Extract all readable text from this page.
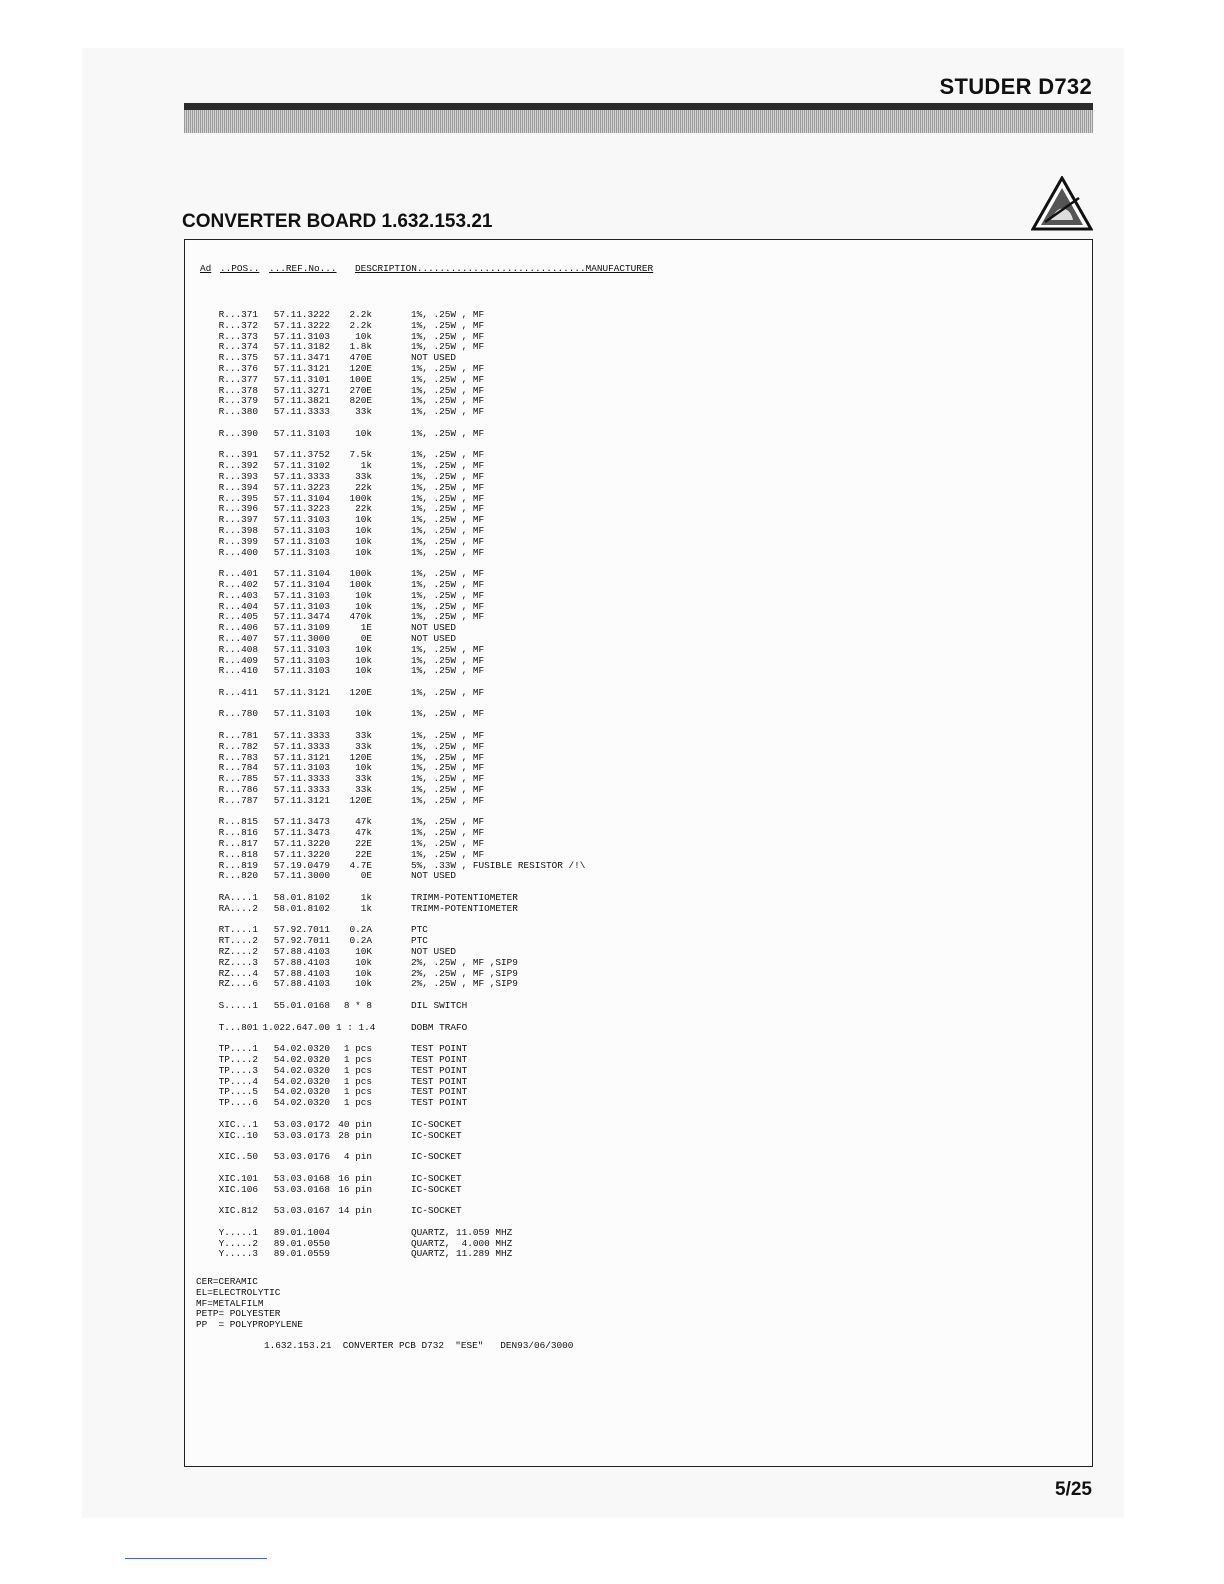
STUDER D732
CONVERTER BOARD 1.632.153.21
Ad ..POS.. ...REF.No... DESCRIPTION..............................MANUFACTURER
R...371
R...372
R...373
R...374
R...375
R...376
R...377
R...378
R...379
R...380
R...390
R...391
R...392
R...393
R...394
R...395
R...396
R...397
R...398
R...399
R...400
R...401
R...402
R...403
R...404
R...405
R...406
R...407
R...408
R...409
R...410
R...411
R...780
R...781
R...782
R...783
R...784
R...785
R...786
R...787
R...815
R...816
R...817
R...818
R...819
R...820
RA....1
RA....2
RT....1
RT....2
RZ....2
RZ....3
RZ....4
RZ....6
S.....1
T...801
TP....1
TP....2
TP....3
TP....4
TP....5
TP....6
XIC...1
XIC..10
XIC..50
XIC.101
XIC.106
XIC.812
Y.....1
Y.....2
Y.....3
57.11.3222
57.11.3222
57.11.3103
57.11.3182
57.11.3471
57.11.3121
57.11.3101
57.11.3271
57.11.3821
57.11.3333
57.11.3103
57.11.3752
57.11.3102
57.11.3333
57.11.3223
57.11.3104
57.11.3223
57.11.3103
57.11.3103
57.11.3103
57.11.3103
57.11.3104
57.11.3104
57.11.3103
57.11.3103
57.11.3474
57.11.3109
57.11.3000
57.11.3103
57.11.3103
57.11.3103
57.11.3121
57.11.3103
57.11.3333
57.11.3333
57.11.3121
57.11.3103
57.11.3333
57.11.3333
57.11.3121
57.11.3473
57.11.3473
57.11.3220
57.11.3220
57.19.0479
57.11.3000
58.01.8102
58.01.8102
57.92.7011
57.92.7011
57.88.4103
57.88.4103
57.88.4103
57.88.4103
55.01.0168
1.022.647.00
54.02.0320
54.02.0320
54.02.0320
54.02.0320
54.02.0320
54.02.0320
53.03.0172
53.03.0173
53.03.0176
53.03.0168
53.03.0168
53.03.0167
89.01.1004
89.01.0550
89.01.0559
2.2k
2.2k
10k
1.8k
470E
120E
100E
270E
820E
33k
10k
7.5k
1k
33k
22k
100k
22k
10k
10k
10k
10k
100k
100k
10k
10k
470k
1E
0E
10k
10k
10k
120E
10k
33k
33k
120E
10k
33k
33k
120E
47k
47k
22E
22E
4.7E
0E
1k
1k
0.2A
0.2A
10K
10k
10k
10k
8 * 8
1 : 1.4
1 pcs
1 pcs
1 pcs
1 pcs
1 pcs
1 pcs
40 pin
28 pin
4 pin
16 pin
16 pin
14 pin
1%, .25W , MF
1%, .25W , MF
1%, .25W , MF
1%, .25W , MF
NOT USED
1%, .25W , MF
1%, .25W , MF
1%, .25W , MF
1%, .25W , MF
1%, .25W , MF
1%, .25W , MF
1%, .25W , MF
1%, .25W , MF
1%, .25W , MF
1%, .25W , MF
1%, .25W , MF
1%, .25W , MF
1%, .25W , MF
1%, .25W , MF
1%, .25W , MF
1%, .25W , MF
1%, .25W , MF
1%, .25W , MF
1%, .25W , MF
1%, .25W , MF
1%, .25W , MF
NOT USED
NOT USED
1%, .25W , MF
1%, .25W , MF
1%, .25W , MF
1%, .25W , MF
1%, .25W , MF
1%, .25W , MF
1%, .25W , MF
1%, .25W , MF
1%, .25W , MF
1%, .25W , MF
1%, .25W , MF
1%, .25W , MF
1%, .25W , MF
1%, .25W , MF
1%, .25W , MF
1%, .25W , MF
5%, .33W , FUSIBLE RESISTOR /!\
NOT USED
TRIMM-POTENTIOMETER
TRIMM-POTENTIOMETER
PTC
PTC
NOT USED
2%, .25W , MF ,SIP9
2%, .25W , MF ,SIP9
2%, .25W , MF ,SIP9
DIL SWITCH
DOBM TRAFO
TEST POINT
TEST POINT
TEST POINT
TEST POINT
TEST POINT
TEST POINT
IC-SOCKET
IC-SOCKET
IC-SOCKET
IC-SOCKET
IC-SOCKET
IC-SOCKET
QUARTZ, 11.059 MHZ
QUARTZ,  4.000 MHZ
QUARTZ, 11.289 MHZ
CER=CERAMIC
EL=ELECTROLYTIC
MF=METALFILM
PETP= POLYESTER
PP  = POLYPROPYLENE
1.632.153.21  CONVERTER PCB D732  "ESE"   DEN93/06/3000
5/25
